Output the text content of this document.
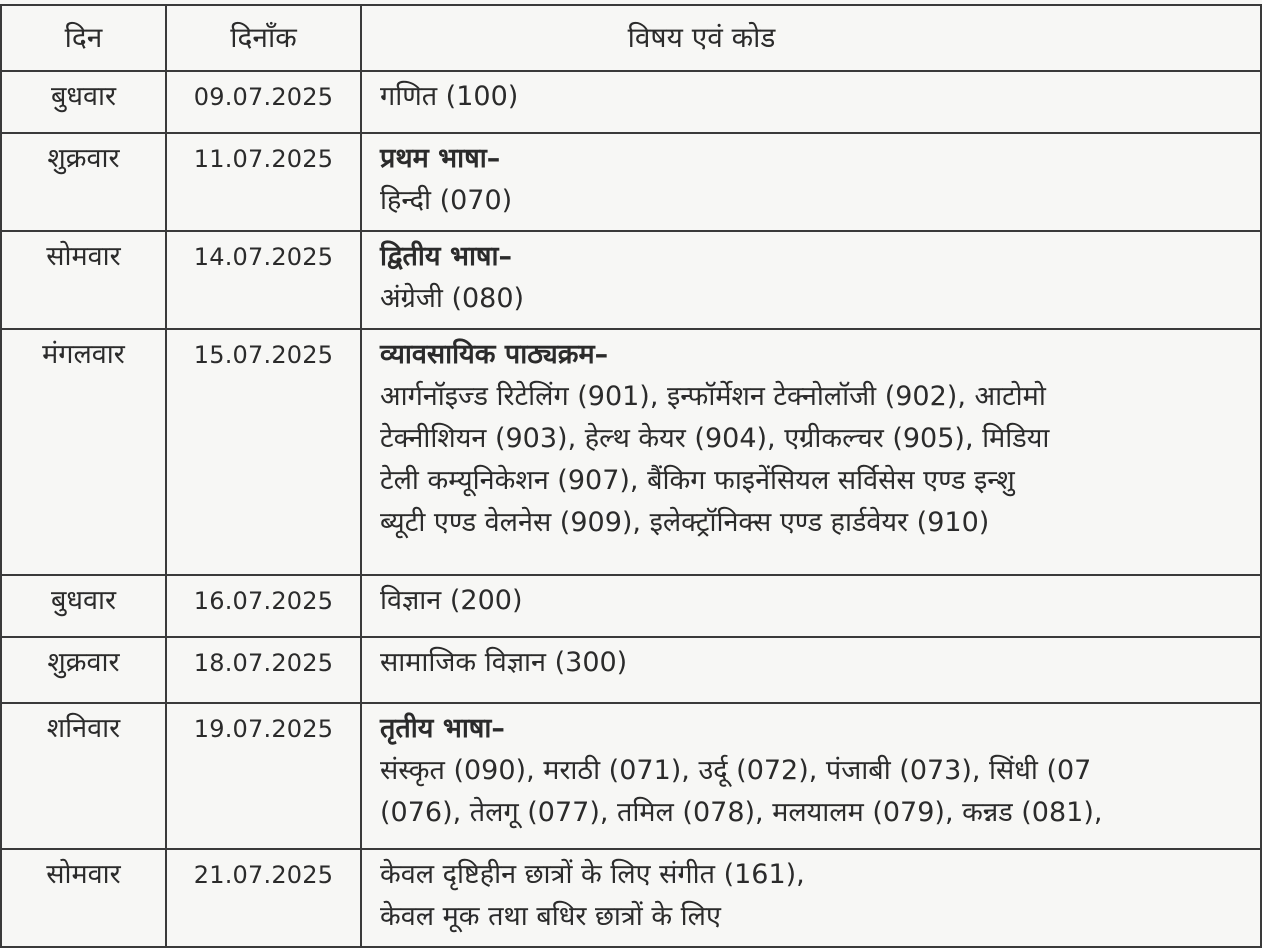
दिन	दिनाँक	विषय एवं कोड
बुधवार	09.07.2025	गणित (100)

शुक्रवार	11.07.2025	प्रथम भाषा–
हिन्दी (070)

सोमवार	14.07.2025	द्वितीय भाषा–
अंग्रेजी (080)

मंगलवार	15.07.2025	व्यावसायिक पाठ्यक्रम–
आर्गनॉइज्ड रिटेलिंग (901), इन्फॉर्मेशन टेक्नोलॉजी (902), आटोमो
टेक्नीशियन (903), हेल्थ केयर (904), एग्रीकल्चर (905), मिडिया
टेली कम्यूनिकेशन (907), बैंकिग फाइनेंसियल सर्विसेस एण्ड इन्शु
ब्यूटी एण्ड वेलनेस (909), इलेक्ट्रॉनिक्स एण्ड हार्डवेयर (910)

बुधवार	16.07.2025	विज्ञान (200)

शुक्रवार	18.07.2025	सामाजिक विज्ञान (300)

शनिवार	19.07.2025	तृतीय भाषा–
संस्कृत (090), मराठी (071), उर्दू (072), पंजाबी (073), सिंधी (07
(076), तेलगू (077), तमिल (078), मलयालम (079), कन्नड (081),

सोमवार	21.07.2025	केवल दृष्टिहीन छात्रों के लिए संगीत (161),
केवल मूक तथा बधिर छात्रों के लिए
